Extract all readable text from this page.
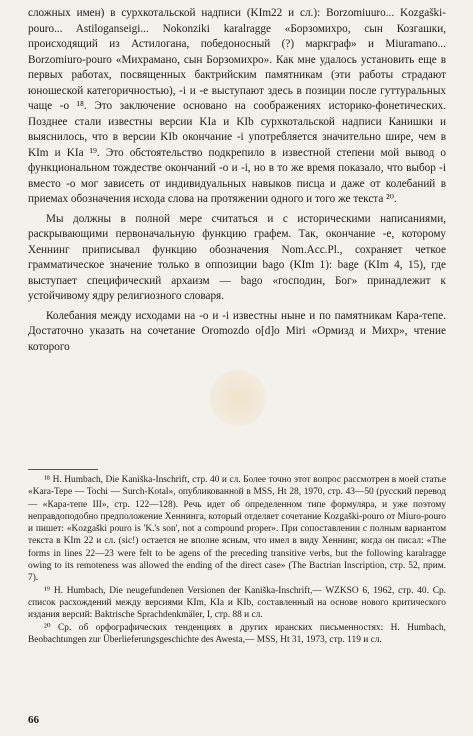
сложных имен) в сурхкотальской надписи (KIm22 и сл.): Borzomiuuro... Kozgaški-pouro... Astiloganseigi... Nokonziki karalragge «Борзомихро, сын Козгашки, происходящий из Астилоганa, победоносный (?) маркграф» и Miuramano... Borzomiuro-pouro «Михрамано, сын Борзомихро». Как мне удалось установить еще в первых работах, посвященных бактрийским памятникам (эти работы страдают юношеской категоричностью), -i и -e выступают здесь в позиции после гуттуральных чаще -o ¹⁸. Это заключение основано на соображениях историко-фонетических. Позднее стали известны версии KIa и KIb сурхкотальской надписи Канишки и выяснилось, что в версии KIb окончание -i употребляется значительно шире, чем в KIm и KIa ¹⁹. Это обстоятельство подкрепило в известной степени мой вывод о функциональном тождестве окончаний -o и -i, но в то же время показало, что выбор -i вместо -o мог зависеть от индивидуальных навыков писца и даже от колебаний в приемах обозначения исхода слова на протяжении одного и того же текста ²⁰.

Мы должны в полной мере считаться и с историческими написаниями, раскрывающими первоначальную функцию графем. Так, окончание -e, которому Хеннинг приписывал функцию обозначения Nom.Acc.Pl., сохраняет четкое грамматическое значение только в оппозиции bago (KIm 1): bage (KIm 4, 15), где выступает специфический архаизм — bago «господин, Бог» принадлежит к устойчивому ядру религиозного словаря.

Колебания между исходами на -o и -i известны ныне и по памятникам Кара-тепе. Достаточно указать на сочетание Oromozdo o[d]o Miri «Ормизд и Михр», чтение которого

¹⁸ H. Humbach, Die Kaniška-Inschrift, стр. 40 и сл. Более точно этот вопрос рассмотрен в моей статье «Kara-Tepe — Tochi — Surch-Kotal», опубликованной в MSS, Ht 28, 1970, стр. 43—50 (русский перевод — «Кара-тепе III», стр. 122—128). Речь идет об определенном типе формуляра, и уже поэтому неправдоподобно предположение Хеннинга, который отделяет сочетание Kozgaški-pouro от Miuro-pouro и пишет: «Kozgaški pouro is 'K.'s son', not a compound proper». При сопоставлении с полным вариантом текста в KIm 22 и сл. (sic!) остается не вполне ясным, что имел в виду Хеннинг, когда он писал: «The forms in lines 22—23 were felt to be agens of the preceding transitive verbs, but the following karalragge owing to its remoteness was allowed the ending of the direct case» (The Bactrian Inscription, стр. 52, прим. 7).

¹⁹ H. Humbach, Die neugefundenen Versionen der Kaniška-Inschrift,— WZKSO 6, 1962, стр. 40. Ср. список расхождений между версиями KIm, KIa и KIb, составленный на основе нового критического издания версий: Baktrische Sprachdenkmäler, I, стр. 88 и сл.

²⁰ Ср. об орфографических тенденциях в других иранских письменностях: H. Humbach, Beobachtungen zur Überlieferungsgeschichte des Awesta,— MSS, Ht 31, 1973, стр. 119 и сл.

66
